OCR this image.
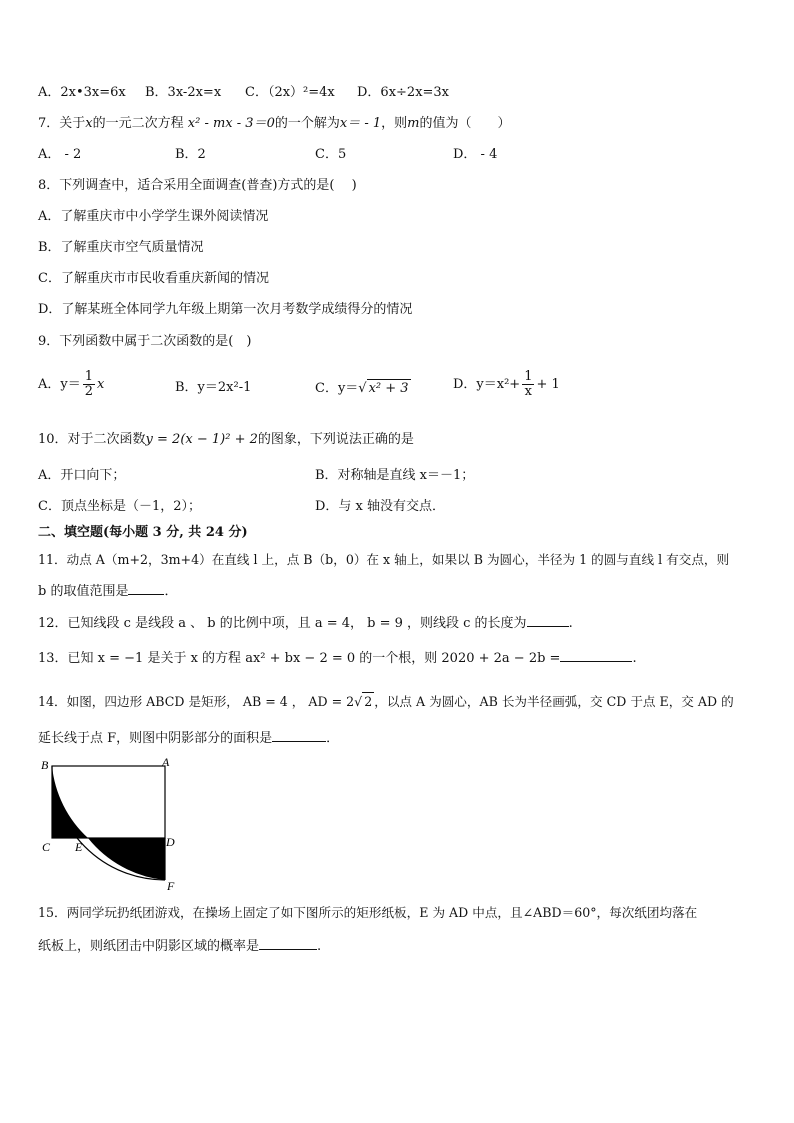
A．2x•3x=6x B．3x-2x=x C．（2x）²=4x D．6x÷2x=3x
7．关于x的一元二次方程 x² - mx - 3＝0的一个解为x＝ - 1，则m的值为（　　）
A． - 2	B．2	C．5	D． - 4
8．下列调查中，适合采用全面调查(普查)方式的是(　 )
A．了解重庆市中小学学生课外阅读情况
B．了解重庆市空气质量情况
C．了解重庆市市民收看重庆新闻的情况
D．了解某班全体同学九年级上期第一次月考数学成绩得分的情况
9．下列函数中属于二次函数的是(　)
A．$y= \frac{1}{2}$ x	B．y＝2x²-1	C．y＝√ x² + 3	D．$y=x^2+ \frac{1}{x} + 1$
10．对于二次函数y = 2(x − 1)² + 2的图象，下列说法正确的是
A．开口向下；	B．对称轴是直线 x＝－1；
C．顶点坐标是（－1，2）；	D．与 x 轴没有交点．
二、填空题(每小题 3 分, 共 24 分)
11．动点 A（m+2，3m+4）在直线 l 上，点 B（b，0）在 x 轴上，如果以 B 为圆心，半径为 1 的圆与直线 l 有交点，则
b 的取值范围是	．
12．已知线段 c 是线段 a 、 b 的比例中项，且 a = 4， b = 9 ，则线段 c 的长度为	.
13．已知 x = −1 是关于 x 的方程 ax² + bx − 2 = 0 的一个根，则 2020 + 2a − 2b =	.
14．如图，四边形 ABCD 是矩形， AB = 4 ， AD = 2√ 2 ，以点 A 为圆心，AB 长为半径画弧，交 CD 于点 E，交 AD 的
延长线于点 F，则图中阴影部分的面积是	．
B	A
C E	D
F
15．两同学玩扔纸团游戏，在操场上固定了如下图所示的矩形纸板，E 为 AD 中点，且∠ABD＝60°，每次纸团均落在
纸板上，则纸团击中阴影区域的概率是	.
